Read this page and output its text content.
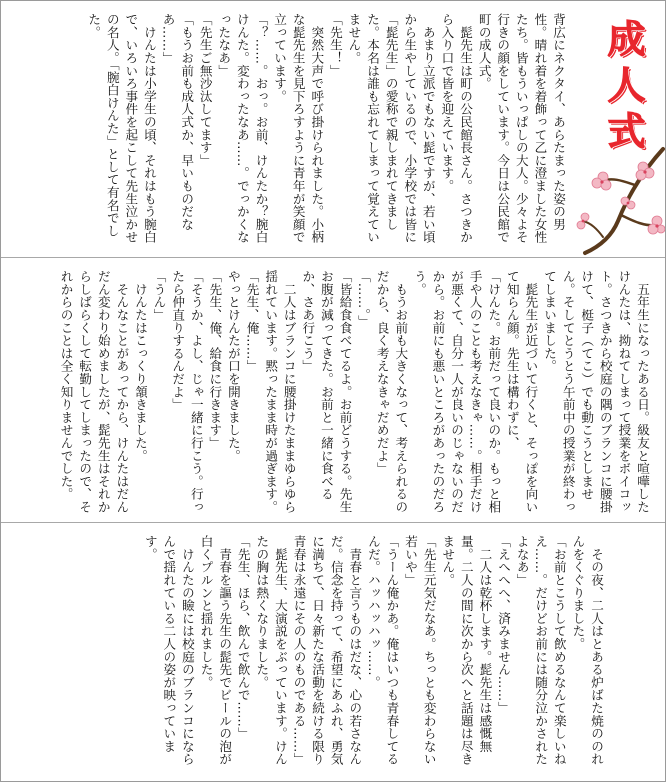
成人式
背広にネクタイ、あらたまった姿の男性。晴れ着を着飾って乙に澄ました女性たち。皆もういっぱしの大人。少々よそ行きの顔をしています。今日は公民館で町の成人式。
　髭先生は町の公民館長さん。さつきから入り口で皆を迎えています。
　あまり立派でもない髭ですが、若い頃から生やしているので、小学校では皆に「髭先生」の愛称で親しまれてきました。本名は誰も忘れてしまって覚えていません。
「先生！」
　突然大声で呼び掛けられました。小柄な髭先生を見下ろすように青年が笑顔で立っています。
「？……。おっ。お前、けんたか？腕白けんた。変わったなあ……。でっかくなったなあ」
「先生ご無沙汰してます」
「もうお前も成人式か、早いものだなあ……」
　けんたは小学生の頃、それはもう腕白で、いろいろ事件を起こして先生泣かせの名人。「腕白けんた」として有名でした。
　五年生になったある日。級友と喧嘩したけんたは、拗ねてしまって授業をボイコット。さつきから校庭の隅のブランコに腰掛けて、梃子（てこ）でも動こうとしません。そしてとうとう午前中の授業が終わってしまいました。
　髭先生が近づいて行くと、そっぽを向いて知らん顔。先生は構わずに、
「けんた。お前だって良いのか。もっと相手や人のことも考えなきゃ……。相手だけが悪くて、自分一人が良いのじゃないのだから。お前にも悪いところがあったのだろう。
　もうお前も大きくなって、考えられるのだから、良く考えなきゃだめだよ」
「……。」
「皆給食食べてるよ。お前どうする。先生お腹が減ってきた。お前と一緒に食べるか、さあ行こう」
　二人はブランコに腰掛けたままゆらゆら揺れています。黙ったまま時が過ぎます。
「先生、俺……」
やっとけんたが口を開きました。
「先生、俺、給食に行きます」
「そうか、よし、じゃ一緒に行こう。行ったら仲直りするんだよ」
「うん」
　けんたはこっくり頷きました。
　そんなことがあってから、けんたはだんだん変わり始めましたが、髭先生はそれからしばらくして転勤してしまったので、それからのことは全く知りませんでした。
　その夜、二人はとある炉ばた焼ののれんをくぐりました。
「お前とこうして飲めるなんて楽しいねえ……。だけどお前には随分泣かされたよなあ」
「えへへへ、済みません……」
　二人は乾杯します。髭先生は感慨無量。二人の間に次から次へと話題は尽きません。
「先生元気だなあ。ちっとも変わらない若いや」
「うーん俺かあ。俺はいつも青春してるんだ。ハッハッハッ……。
　青春と言うものはだな、心の若さなんだ。信念を持って、希望にあふれ、勇気に満ちて、日々新たな活動を続ける限り青春は永遠にその人のものである……」
　髭先生、大演説をぶっています。けんたの胸は熱くなりました。
「先生、ほら、飲んで飲んで……」
　青春を謳う先生の髭先でビールの泡が白くプルンと揺れました。
　けんたの瞼には校庭のブランコにならんで揺れている二人の姿が映っています。
